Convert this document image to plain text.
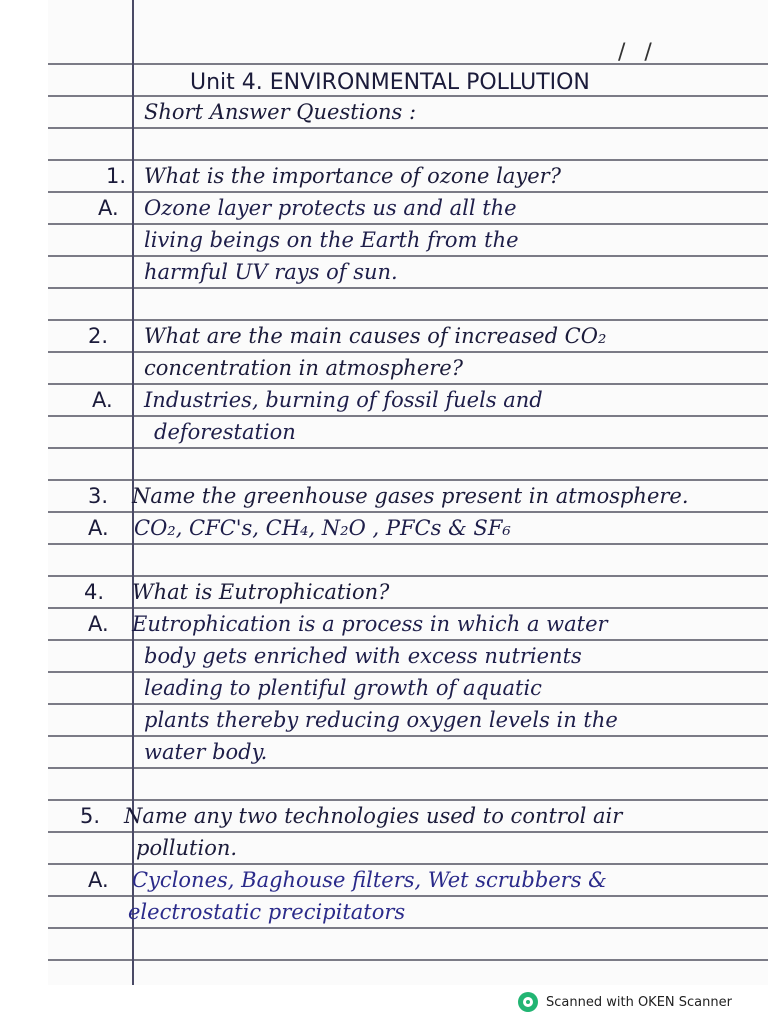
/ /
Unit 4. ENVIRONMENTAL POLLUTION
Short Answer Questions :
1. What is the importance of ozone layer?
A. Ozone layer protects us and all the
living beings on the Earth from the
harmful UV rays of sun.
2. What are the main causes of increased CO₂
concentration in atmosphere?
A. Industries, burning of fossil fuels and
deforestation
3. Name the greenhouse gases present in atmosphere.
A. CO₂, CFC's, CH₄, N₂O , PFCs & SF₆
4. What is Eutrophication?
A. Eutrophication is a process in which a water
body gets enriched with excess nutrients
leading to plentiful growth of aquatic
plants thereby reducing oxygen levels in the
water body.
5. Name any two technologies used to control air
pollution.
A. Cyclones, Baghouse filters, Wet scrubbers &
electrostatic precipitators
Scanned with OKEN Scanner
